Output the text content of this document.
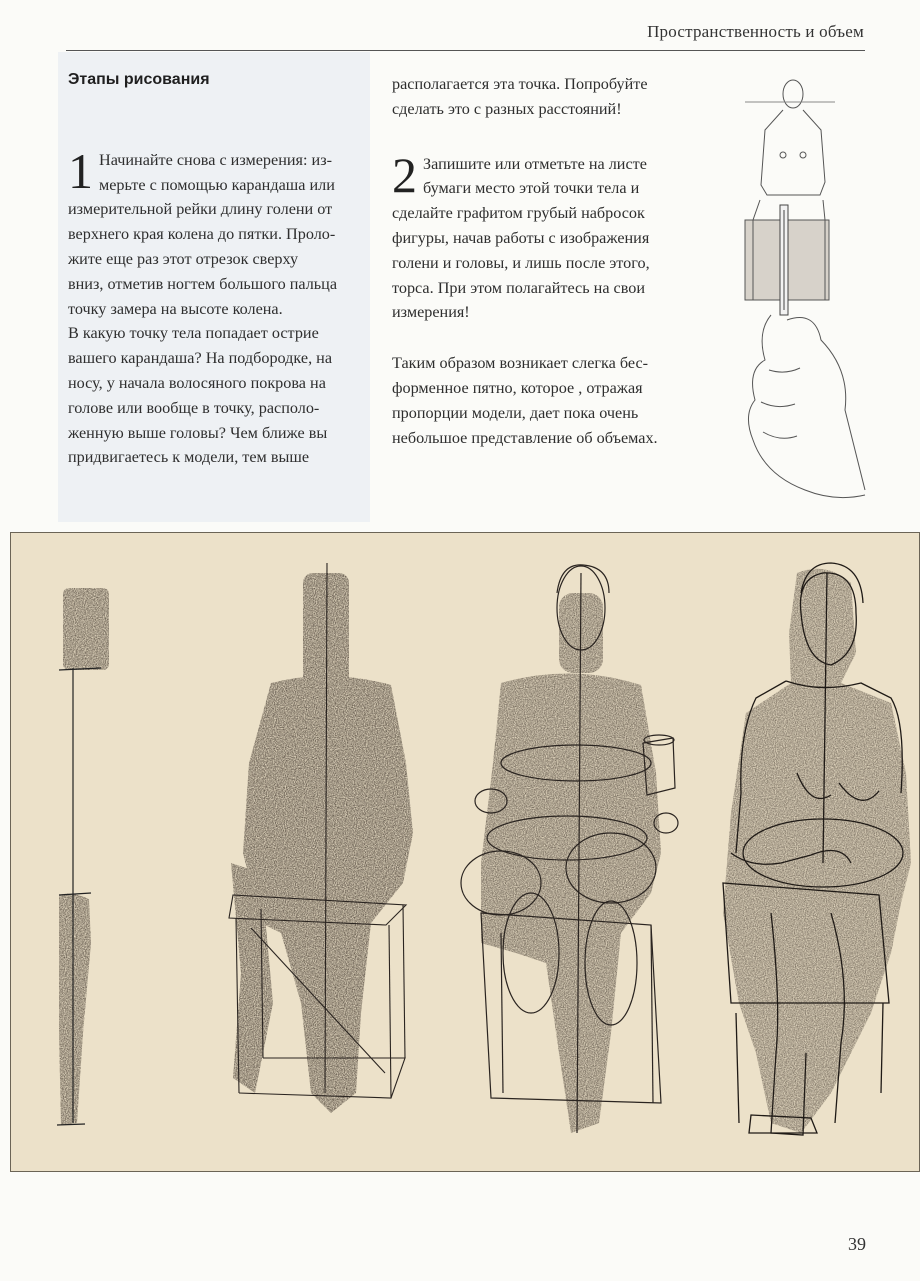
Пространственность и объем
Этапы рисования
1 Начинайте снова с измерения: из-

мерьте с помощью карандаша или

измерительной рейки длину голени от

верхнего края колена до пятки. Проло-

жите еще раз этот отрезок сверху

вниз, отметив ногтем большого пальца

точку замера на высоте колена.

В какую точку тела попадает острие

вашего карандаша? На подбородке, на

носу, у начала волосяного покрова на

голове или вообще в точку, располо-

женную выше головы? Чем ближе вы

придвигаетесь к модели, тем выше

располагается эта точка. Попробуйте

сделать это с разных расстояний!

2 Запишите или отметьте на листе

бумаги место этой точки тела и

сделайте графитом грубый набросок

фигуры, начав работы с изображения

голени и головы, и лишь после этого,

торса. При этом полагайтесь на свои

измерения!

Таким образом возникает слегка бес-

форменное пятно, которое , отражая

пропорции модели, дает пока очень

небольшое представление об объемах.

39
